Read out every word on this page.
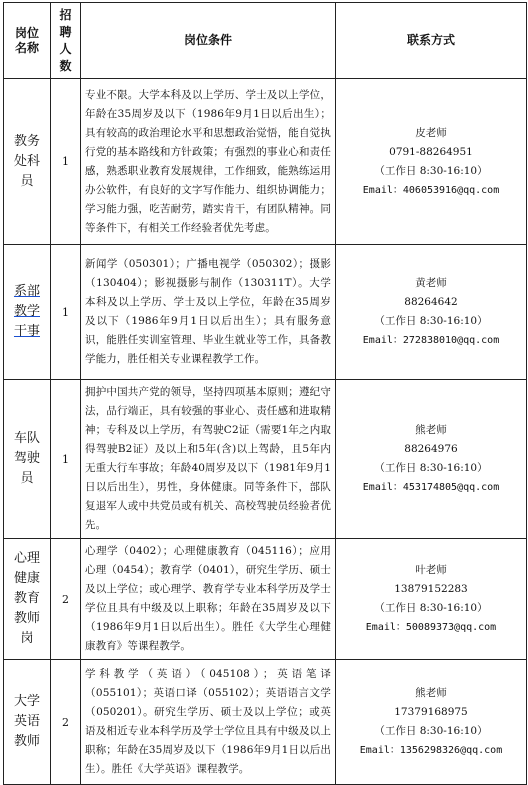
岗位名称	招聘人数	岗位条件	联系方式

教务处科员	1	专业不限。大学本科及以上学历、学士及以上学位，年龄在35周岁及以下（1986年9月1日以后出生）；具有较高的政治理论水平和思想政治觉悟，能自觉执行党的基本路线和方针政策；有强烈的事业心和责任感，熟悉职业教育发展规律，工作细致，能熟练运用办公软件，有良好的文字写作能力、组织协调能力；学习能力强，吃苦耐劳，踏实肯干，有团队精神。同等条件下，有相关工作经验者优先考虑。	皮老师
0791-88264951
（工作日 8:30-16:10）
Email：406053916@qq.com

系部教学干事	1	新闻学（050301）；广播电视学（050302）；摄影（130404）；影视摄影与制作（130311T）。大学本科及以上学历、学士及以上学位，年龄在35周岁及以下（1986年9月1日以后出生）；具有服务意识，能胜任实训室管理、毕业生就业等工作，具备教学能力，胜任相关专业课程教学工作。	黄老师
88264642
（工作日 8:30-16:10）
Email：272838010@qq.com

车队驾驶员	1	拥护中国共产党的领导，坚持四项基本原则；遵纪守法，品行端正，具有较强的事业心、责任感和进取精神；专科及以上学历，有驾驶C2证（需要1年之内取得驾驶B2证）及以上和5年(含)以上驾龄，且5年内无重大行车事故；年龄40周岁及以下（1981年9月1日以后出生），男性，身体健康。同等条件下，部队复退军人或中共党员或有机关、高校驾驶员经验者优先。	熊老师
88264976
（工作日 8:30-16:10）
Email：453174805@qq.com

心理健康教育教师岗	2	心理学（0402）；心理健康教育（045116）；应用心理（0454）；教育学（0401），研究生学历、硕士及以上学位；或心理学、教育学专业本科学历及学士学位且具有中级及以上职称；年龄在35周岁及以下（1986年9月1日以后出生）。胜任《大学生心理健康教育》等课程教学。	叶老师
13879152283
（工作日 8:30-16:10）
Email：50089373@qq.com

大学英语教师	2	学科教学（英语）（045108）；英语笔译（055101）；英语口译（055102）；英语语言文学（050201）。研究生学历、硕士及以上学位；或英语及相近专业本科学历及学士学位且具有中级及以上职称；年龄在35周岁及以下（1986年9月1日以后出生）。胜任《大学英语》课程教学。	熊老师
17379168975
（工作日 8:30-16:10）
Email：1356298326@qq.com
